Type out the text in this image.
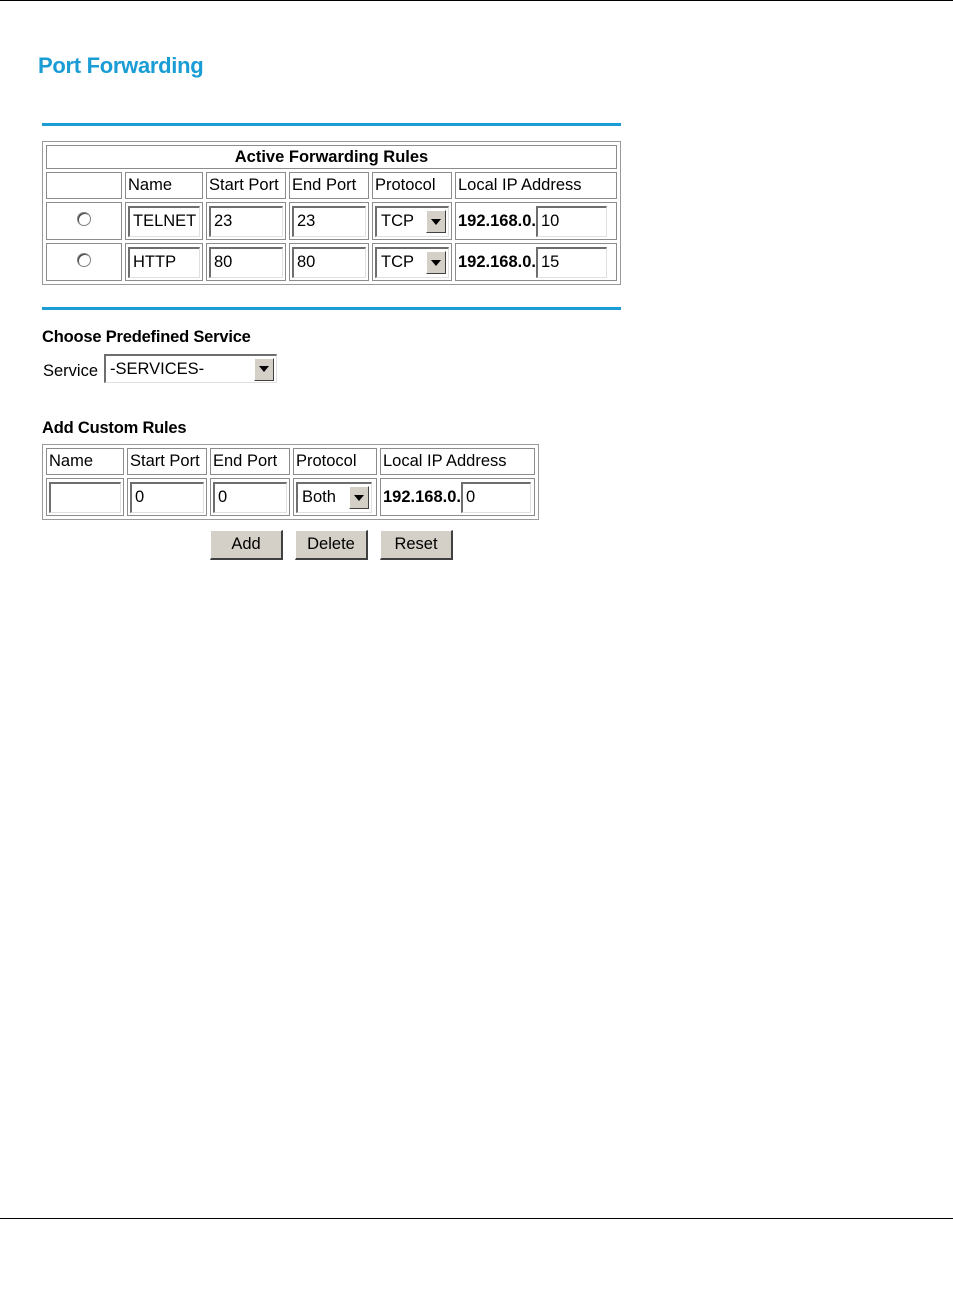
Port Forwarding
Active Forwarding Rules					
	Name	Start Port	End Port	Protocol	Local IP Address
	TELNET	23	23	TCP	192.168.0. 10
	HTTP	80	80	TCP	192.168.0. 15
Choose Predefined Service
Service -SERVICES-
Add Custom Rules
Name	Start Port	End Port	Protocol	Local IP Address
	0	0	Both	192.168.0. 0
Add	Delete	Reset
